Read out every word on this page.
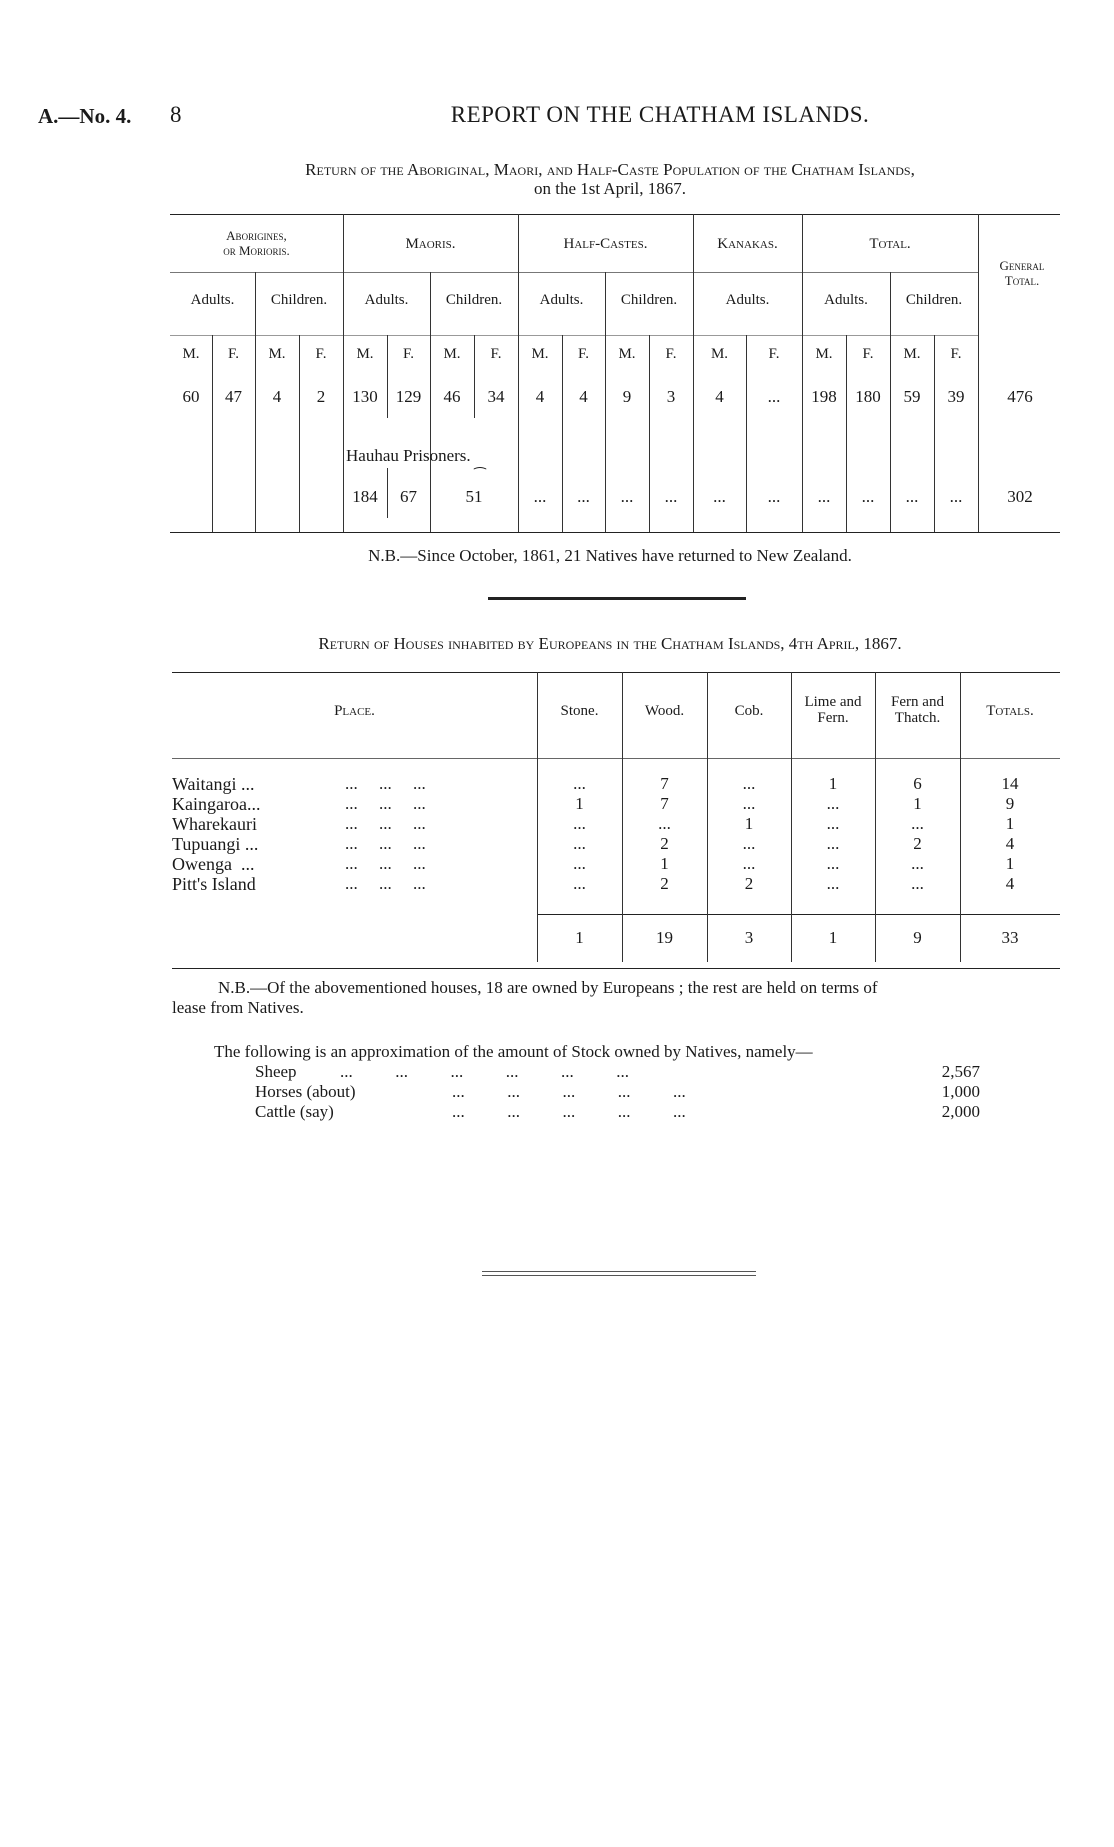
A.—No. 4. 8	REPORT ON THE CHATHAM ISLANDS.
Return of the Aboriginal, Maori, and Half-Caste Population of the Chatham Islands,
on the 1st April, 1867.
Aborigines,
or Morioris.	Maoris.	Half-Castes.	Kanakas.	Total.
General
Total.
Adults.	Children.	Adults.	Children.	Adults.	Children.	Adults.	Adults.	Children.
M.	F.	M.	F.	M.	F.	M.	F.	M.	F.	M.	F.	M.	F.	M.	F.	M.	F.
60	47	4	2	130	129	46	34	4	4	9	3	4	...	198	180	59	39	476
Hauhau Prisoners.
⁀
184	67	51	...	...	...	...	...	...	...	...	...	...	302
N.B.—Since October, 1861, 21 Natives have returned to New Zealand.
Return of Houses inhabited by Europeans in the Chatham Islands, 4th April, 1867.
Place.	Stone.	Wood.	Cob.
Lime and
Fern.
Fern and
Thatch.	Totals.
Waitangi ...	...     ...     ...	...	7	...	1	6	14
Kaingaroa...	...     ...     ...	1	7	...	...	1	9
Wharekauri	...     ...     ...	...	...	1	...	...	1
Tupuangi ...	...     ...     ...	...	2	...	...	2	4
Owenga  ...	...     ...     ...	...	1	...	...	...	1
Pitt's Island	...     ...     ...	...	2	2	...	...	4
1	19	3	1	9	33
N.B.—Of the abovementioned houses, 18 are owned by Europeans ; the rest are held on terms of
lease from Natives.
The following is an approximation of the amount of Stock owned by Natives, namely—
Sheep	...          ...          ...          ...          ...          ...	2,567
Horses (about)	...          ...          ...          ...          ...	1,000
Cattle (say)	...          ...          ...          ...          ...	2,000
